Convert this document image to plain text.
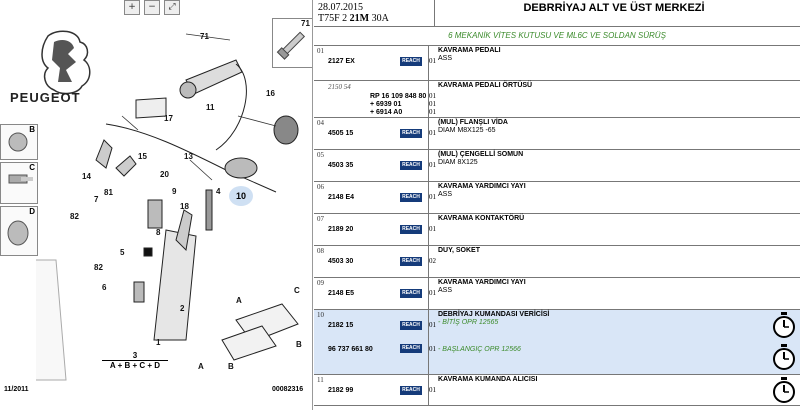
+	−	⤢
PEUGEOT
B
C
D
71
71
11
17
16
15	13
14	20
9
81
18
4
7	10
8
82
5
82
6
1
2
A
C
B
A	B
3
A + B + C + D
11/2011	00082316
28.07.2015
T75F 2 21M 30A
DEBRRİYAJ ALT VE ÜST MERKEZİ
6 MEKANİK VİTES KUTUSU VE ML6C VE SOLDAN SÜRÜŞ
01
2127 EX	REACH	01
KAVRAMA PEDALI
ASS
2150 54
RP 16 109 848 80
+ 6939 01
+ 6914 A0
01
01
01
KAVRAMA PEDALI ÖRTÜSÜ
04
4505 15	REACH	01
(MUL) FLANŞLI VİDA
DIAM M8X125 -65
05
4503 35	REACH	01
(MUL) ÇENGELLİ SOMUN
DIAM 8X125
06
2148 E4	REACH	01
KAVRAMA YARDIMCI YAYI
ASS
07
2189 20	REACH	01
KAVRAMA KONTAKTÖRÜ
08
4503 30	REACH	02
DUY, SOKET
09
2148 E5	REACH	01
KAVRAMA YARDIMCI YAYI
ASS
10
2182 15	REACH	01
DEBRİYAJ KUMANDASI VERİCİSİ
- BİTİŞ OPR 12565
96 737 661 80	REACH	01 - BAŞLANGIÇ OPR 12566
11
2182 99	REACH	01
KAVRAMA KUMANDA ALICISI
